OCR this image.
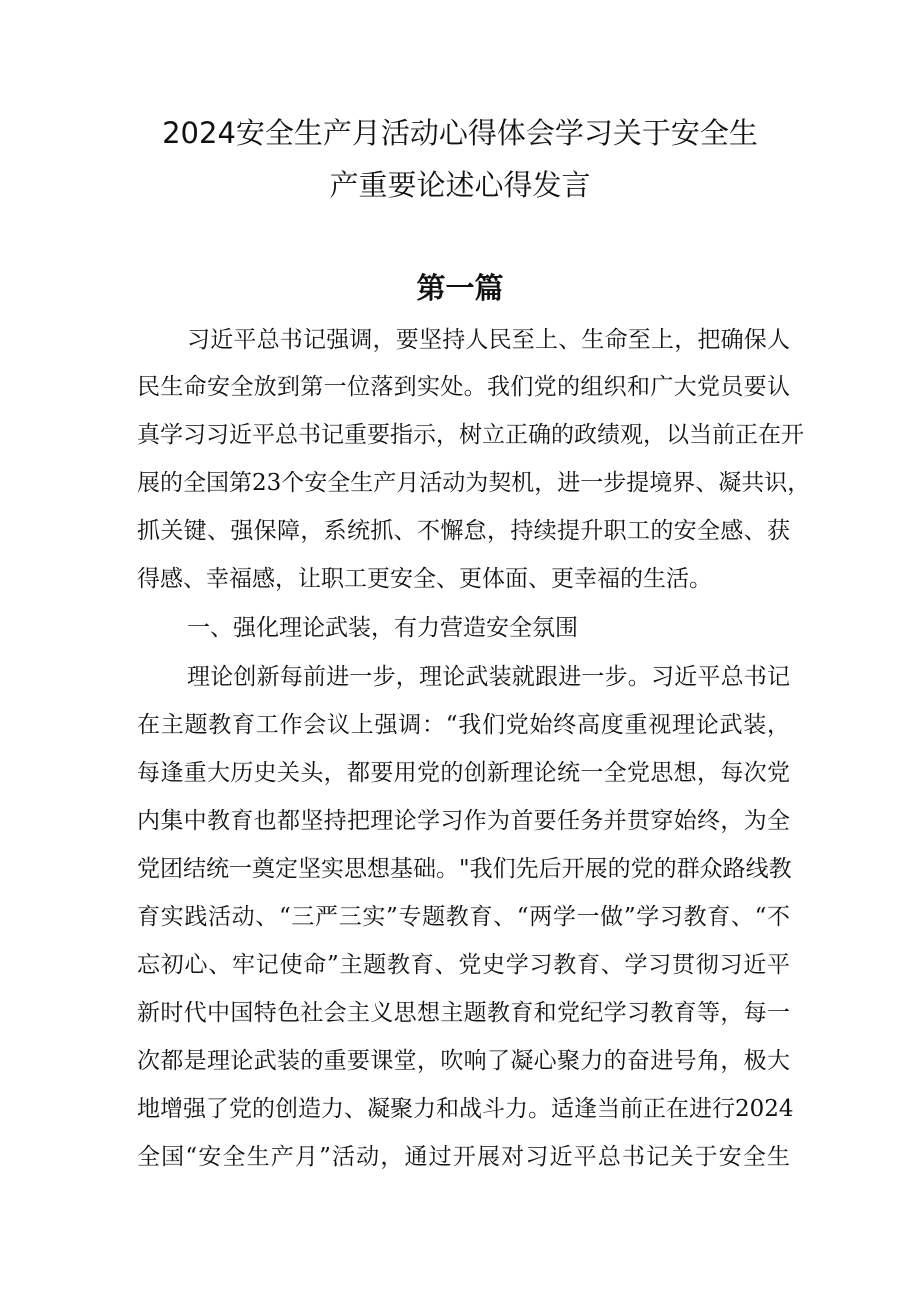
2024安全生产月活动心得体会学习关于安全生
产重要论述心得发言
第一篇

习近平总书记强调，要坚持人民至上、生命至上，把确保人

民生命安全放到第一位落到实处。我们党的组织和广大党员要认

真学习习近平总书记重要指示，树立正确的政绩观，以当前正在开

展的全国第23个安全生产月活动为契机，进一步提境界、凝共识，

抓关键、强保障，系统抓、不懈怠，持续提升职工的安全感、获

得感、幸福感，让职工更安全、更体面、更幸福的生活。

一、强化理论武装，有力营造安全氛围

理论创新每前进一步，理论武装就跟进一步。习近平总书记

在主题教育工作会议上强调：“我们党始终高度重视理论武装，

每逢重大历史关头，都要用党的创新理论统一全党思想，每次党

内集中教育也都坚持把理论学习作为首要任务并贯穿始终，为全

党团结统一奠定坚实思想基础。"我们先后开展的党的群众路线教

育实践活动、“三严三实”专题教育、“两学一做”学习教育、“不

忘初心、牢记使命”主题教育、党史学习教育、学习贯彻习近平

新时代中国特色社会主义思想主题教育和党纪学习教育等，每一

次都是理论武装的重要课堂，吹响了凝心聚力的奋进号角，极大

地增强了党的创造力、凝聚力和战斗力。适逢当前正在进行2024

全国“安全生产月”活动，通过开展对习近平总书记关于安全生
